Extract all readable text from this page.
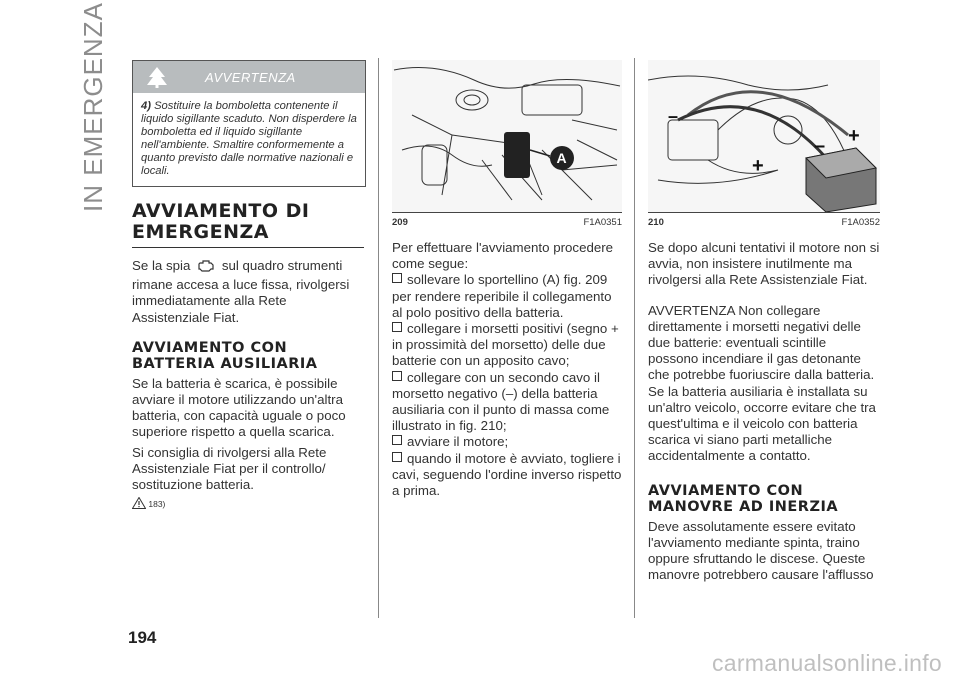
IN EMERGENZA
194
AVVERTENZA
4) Sostituire la bomboletta contenente il liquido sigillante scaduto. Non disperdere la bomboletta ed il liquido sigillante nell'ambiente. Smaltire conformemente a quanto previsto dalle normative nazionali e locali.
AVVIAMENTO DI EMERGENZA

Se la spia sul quadro strumenti rimane accesa a luce fissa, rivolgersi immediatamente alla Rete Assistenziale Fiat.

AVVIAMENTO CON BATTERIA AUSILIARIA

Se la batteria è scarica, è possibile avviare il motore utilizzando un'altra batteria, con capacità uguale o poco superiore rispetto a quella scarica.

Si consiglia di rivolgersi alla Rete Assistenziale Fiat per il controllo/ sostituzione batteria.

183)
A
209	F1A0351

Per effettuare l'avviamento procedere come segue:

sollevare lo sportellino (A) fig. 209 per rendere reperibile il collegamento al polo positivo della batteria.

collegare i morsetti positivi (segno + in prossimità del morsetto) delle due batterie con un apposito cavo;

collegare con un secondo cavo il morsetto negativo (–) della batteria ausiliaria con il punto di massa come illustrato in fig. 210;

avviare il motore;

quando il motore è avviato, togliere i cavi, seguendo l'ordine inverso rispetto a prima.

– +
+
–
210	F1A0352

Se dopo alcuni tentativi il motore non si avvia, non insistere inutilmente ma rivolgersi alla Rete Assistenziale Fiat.

AVVERTENZA Non collegare direttamente i morsetti negativi delle due batterie: eventuali scintille possono incendiare il gas detonante che potrebbe fuoriuscire dalla batteria. Se la batteria ausiliaria è installata su un'altro veicolo, occorre evitare che tra quest'ultima e il veicolo con batteria scarica vi siano parti metalliche accidentalmente a contatto.

AVVIAMENTO CON MANOVRE AD INERZIA

Deve assolutamente essere evitato l'avviamento mediante spinta, traino oppure sfruttando le discese. Queste manovre potrebbero causare l'afflusso

carmanualsonline.info
